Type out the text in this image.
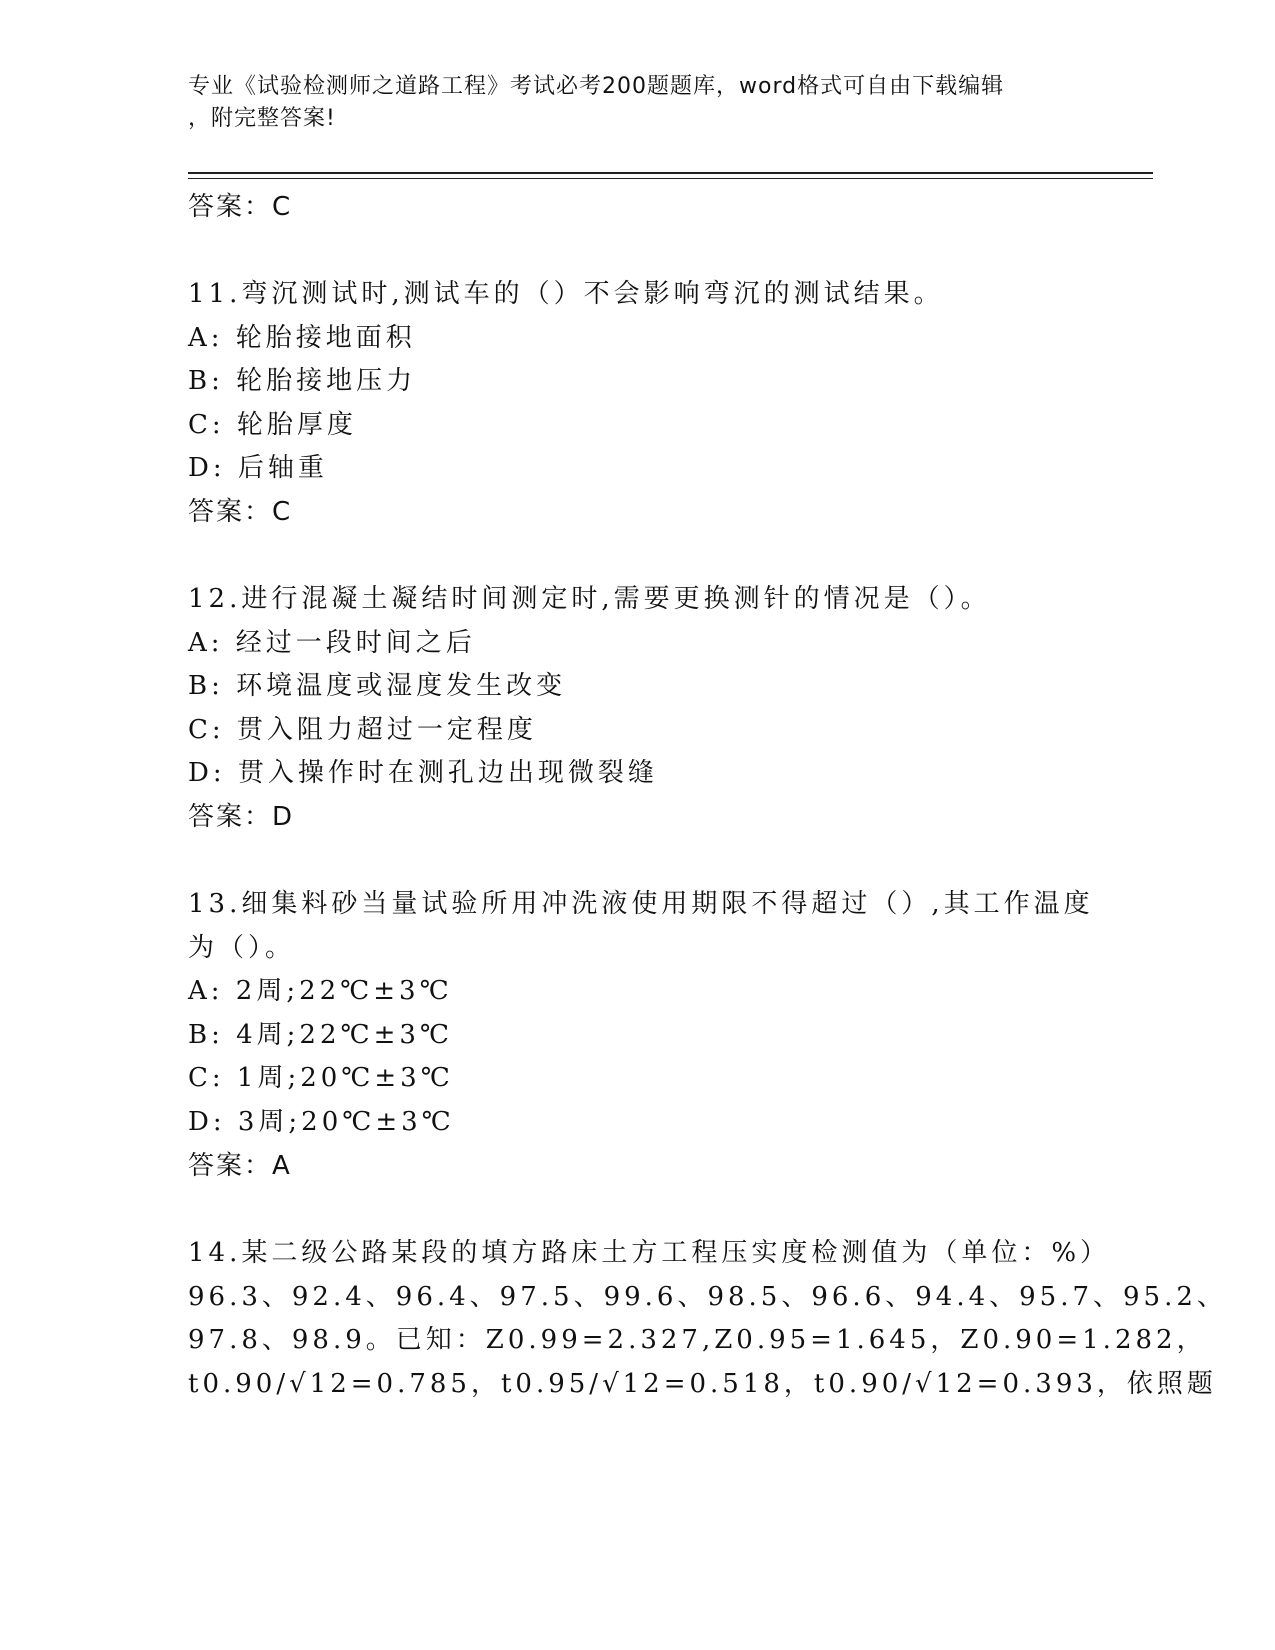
专业《试验检测师之道路工程》考试必考200题题库，word格式可自由下载编辑
，附完整答案!
答案：C
11.弯沉测试时,测试车的（）不会影响弯沉的测试结果。
A: 轮胎接地面积
B: 轮胎接地压力
C: 轮胎厚度
D: 后轴重
答案：C
12.进行混凝土凝结时间测定时,需要更换测针的情况是（）。
A: 经过一段时间之后
B: 环境温度或湿度发生改变
C: 贯入阻力超过一定程度
D: 贯入操作时在测孔边出现微裂缝
答案：D
13.细集料砂当量试验所用冲洗液使用期限不得超过（）,其工作温度
为（）。
A: 2周;22℃±3℃
B: 4周;22℃±3℃
C: 1周;20℃±3℃
D: 3周;20℃±3℃
答案：A
14.某二级公路某段的填方路床土方工程压实度检测值为（单位：%）
96.3、92.4、96.4、97.5、99.6、98.5、96.6、94.4、95.7、95.2、
97.8、98.9。已知：Z0.99=2.327,Z0.95=1.645，Z0.90=1.282，
t0.90/√12=0.785，t0.95/√12=0.518，t0.90/√12=0.393，依照题
